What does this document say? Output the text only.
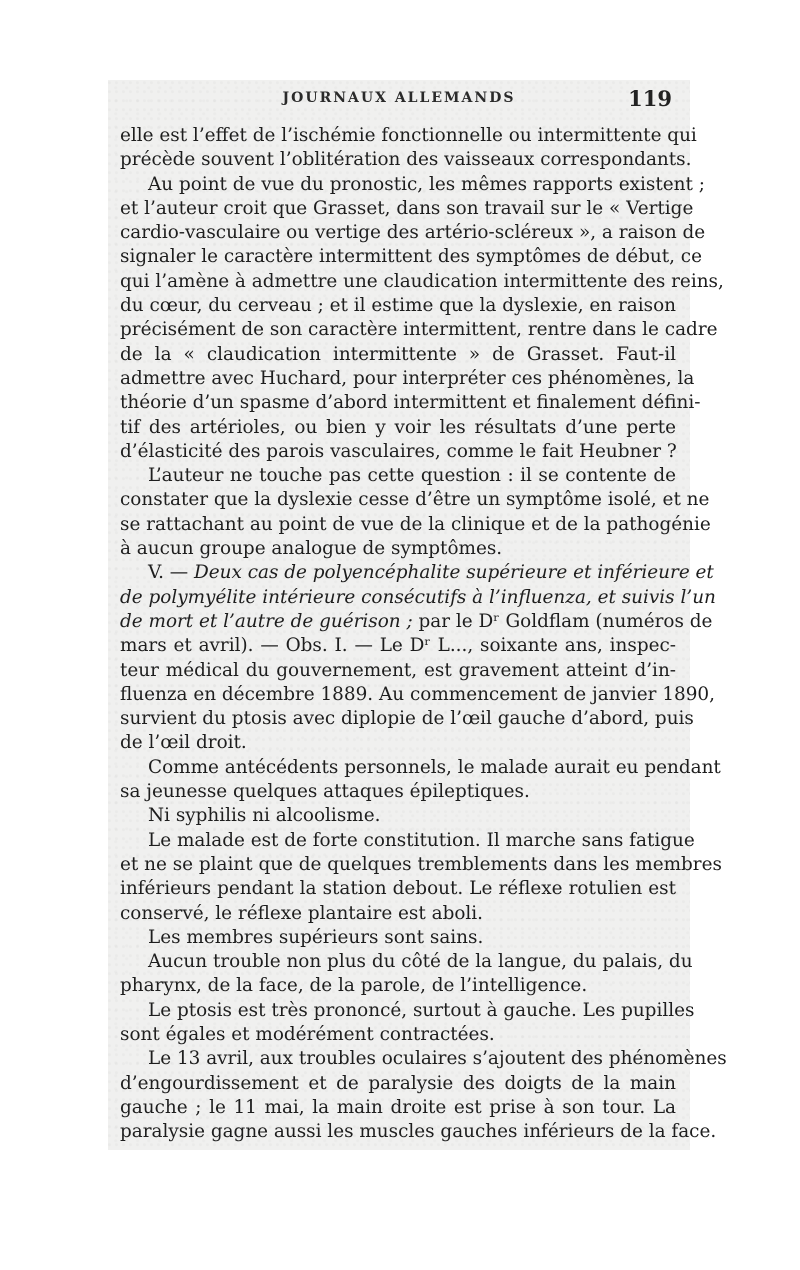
JOURNAUX ALLEMANDS	119
elle est l’effet de l’ischémie fonctionnelle ou intermittente qui
précède souvent l’oblitération des vaisseaux correspondants.
Au point de vue du pronostic, les mêmes rapports existent ;
et l’auteur croit que Grasset, dans son travail sur le « Vertige
cardio-vasculaire ou vertige des artério-scléreux », a raison de
signaler le caractère intermittent des symptômes de début, ce
qui l’amène à admettre une claudication intermittente des reins,
du cœur, du cerveau ; et il estime que la dyslexie, en raison
précisément de son caractère intermittent, rentre dans le cadre
de la « claudication intermittente » de Grasset. Faut-il
admettre avec Huchard, pour interpréter ces phénomènes, la
théorie d’un spasme d’abord intermittent et finalement défini-
tif des artérioles, ou bien y voir les résultats d’une perte
d’élasticité des parois vasculaires, comme le fait Heubner ?
L’auteur ne touche pas cette question : il se contente de
constater que la dyslexie cesse d’être un symptôme isolé, et ne
se rattachant au point de vue de la clinique et de la pathogénie
à aucun groupe analogue de symptômes.
V. — Deux cas de polyencéphalite supérieure et inférieure et
de polymyélite intérieure consécutifs à l’influenza, et suivis l’un
de mort et l’autre de guérison ; par le Dʳ Goldflam (numéros de
mars et avril). — Obs. I. — Le Dʳ L..., soixante ans, inspec-
teur médical du gouvernement, est gravement atteint d’in-
fluenza en décembre 1889. Au commencement de janvier 1890,
survient du ptosis avec diplopie de l’œil gauche d’abord, puis
de l’œil droit.
Comme antécédents personnels, le malade aurait eu pendant
sa jeunesse quelques attaques épileptiques.
Ni syphilis ni alcoolisme.
Le malade est de forte constitution. Il marche sans fatigue
et ne se plaint que de quelques tremblements dans les membres
inférieurs pendant la station debout. Le réflexe rotulien est
conservé, le réflexe plantaire est aboli.
Les membres supérieurs sont sains.
Aucun trouble non plus du côté de la langue, du palais, du
pharynx, de la face, de la parole, de l’intelligence.
Le ptosis est très prononcé, surtout à gauche. Les pupilles
sont égales et modérément contractées.
Le 13 avril, aux troubles oculaires s’ajoutent des phénomènes
d’engourdissement et de paralysie des doigts de la main
gauche ; le 11 mai, la main droite est prise à son tour. La
paralysie gagne aussi les muscles gauches inférieurs de la face.
